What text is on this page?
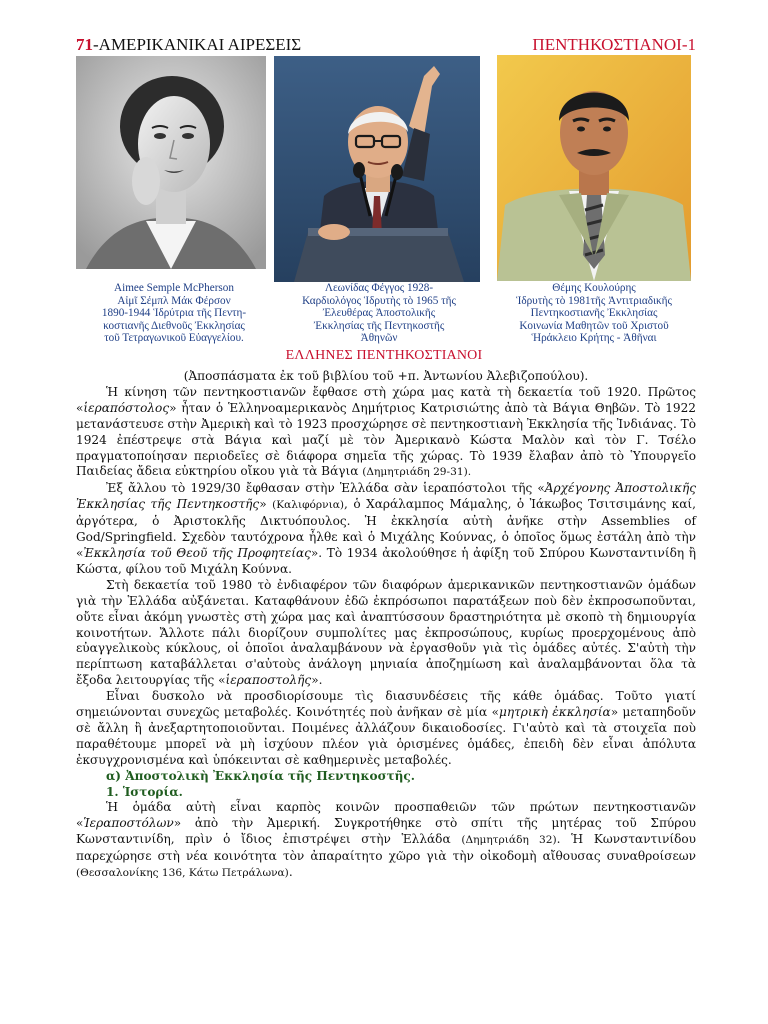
71-ΑΜΕΡΙΚΑΝΙΚΑΙ ΑΙΡΕΣΕΙΣ	ΠΕΝΤΗΚΟΣΤΙΑΝΟΙ-1
Aimee Semple McPherson
Αἰμῖ Σέμπλ Μάκ Φέρσον
1890-1944 Ἱδρύτρια τῆς Πεντη-
κοστιανῆς Διεθνοῦς Ἐκκλησίας
τοῦ Τετραγωνικοῦ Εὐαγγελίου.
Λεωνίδας Φέγγος 1928-
Καρδιολόγος Ἱδρυτὴς τὸ 1965 τῆς
Ἐλευθέρας Ἀποστολικῆς
Ἐκκλησίας τῆς Πεντηκοστῆς
Ἀθηνῶν
Θέμης Κουλούρης
Ἱδρυτὴς τὸ 1981τῆς Ἀντιτριαδικῆς
Πεντηκοστιανῆς Ἐκκλησίας
Κοινωνία Μαθητῶν τοῦ Χριστοῦ
Ἡράκλειο Κρήτης - Ἀθῆναι
ΕΛΛΗΝΕΣ ΠΕΝΤΗΚΟΣΤΙΑΝΟΙ

(Ἀποσπάσματα ἐκ τοῦ βιβλίου τοῦ +π. Ἀντωνίου Ἀλεβιζοπούλου).

Ἡ κίνηση τῶν πεντηκοστιανῶν ἔφθασε στὴ χώρα μας κατὰ τὴ δεκαετία τοῦ 1920. Πρῶτος «ἱεραπόστολος» ἦταν ὁ Ἑλληνοαμερικανὸς Δημήτριος Κατρισιώτης ἀπὸ τὰ Βάγια Θηβῶν. Τὸ 1922 μετανάστευσε στὴν Ἀμερικὴ καὶ τὸ 1923 προσχώρησε σὲ πεντηκοστιανὴ Ἐκκλησία τῆς Ἰνδιάνας. Τὸ 1924 ἐπέστρεψε στὰ Βάγια καὶ μαζί μὲ τὸν Ἀμερικανὸ Κώστα Μαλὸν καὶ τὸν Γ. Τσέλο πραγματοποίησαν περιοδεῖες σὲ διάφορα σημεῖα τῆς χώρας. Τὸ 1939 ἔλαβαν ἀπὸ τὸ Ὑπουργεῖο Παιδείας ἄδεια εὐκτηρίου οἴκου γιὰ τὰ Βάγια (Δημητριάδη 29-31).

Ἐξ ἄλλου τὸ 1929/30 ἔφθασαν στὴν Ἑλλάδα σὰν ἱεραπόστολοι τῆς «Ἀρχέγονης Ἀποστολικῆς Ἐκκλησίας τῆς Πεντηκοστῆς» (Καλιφόρνια), ὁ Χαράλαμπος Μάμαλης, ὁ Ἰάκωβος Τσιτσιμάνης καί, ἀργότερα, ὁ Ἀριστοκλῆς Δικτυόπουλος. Ἡ ἐκκλησία αὐτὴ ἀνῆκε στὴν Assemblies of God/Springfield. Σχεδὸν ταυτόχρονα ἦλθε καὶ ὁ Μιχάλης Κούννας, ὁ ὁποῖος ὅμως ἐστάλη ἀπὸ τὴν «Ἐκκλησία τοῦ Θεοῦ τῆς Προφητείας». Τὸ 1934 ἀκολούθησε ἡ ἀφίξη τοῦ Σπύρου Κωνσταντινίδη ἢ Κώστα, φίλου τοῦ Μιχάλη Κούννα.

Στὴ δεκαετία τοῦ 1980 τὸ ἐνδιαφέρον τῶν διαφόρων ἀμερικανικῶν πεντηκοστιανῶν ὁμάδων γιὰ τὴν Ἑλλάδα αὐξάνεται. Καταφθάνουν ἐδῶ ἐκπρόσωποι παρατάξεων ποὺ δὲν ἐκπροσωποῦνται, οὔτε εἶναι ἀκόμη γνωστὲς στὴ χώρα μας καὶ ἀναπτύσσουν δραστηριότητα μὲ σκοπὸ τὴ δημιουργία κοινοτήτων. Ἄλλοτε πάλι διορίζουν συμπολίτες μας ἐκπροσώπους, κυρίως προερχομένους ἀπὸ εὐαγγελικοὺς κύκλους, οἱ ὁποῖοι ἀναλαμβάνουν νὰ ἐργασθοῦν γιὰ τὶς ὁμάδες αὐτές. Σ'αὐτὴ τὴν περίπτωση καταβάλλεται σ'αὐτοὺς ἀνάλογη μηνιαία ἀποζημίωση καὶ ἀναλαμβάνονται ὅλα τὰ ἔξοδα λειτουργίας τῆς «ἱεραποστολῆς».

Εἶναι δυσκολο νὰ προσδιορίσουμε τὶς διασυνδέσεις τῆς κάθε ὁμάδας. Τοῦτο γιατί σημειώνονται συνεχῶς μεταβολές. Κοινότητές ποὺ ἀνῆκαν σὲ μία «μητρικὴ ἐκκλησία» μεταπηδοῦν σὲ ἄλλη ἢ ἀνεξαρτητοποιοῦνται. Ποιμένες ἀλλάζουν δικαιοδοσίες. Γι'αὐτὸ καὶ τὰ στοιχεῖα ποὺ παραθέτουμε μπορεῖ νὰ μὴ ἰσχύουν πλέον γιὰ ὁρισμένες ὁμάδες, ἐπειδὴ δὲν εἶναι ἀπόλυτα ἐκσυγχρονισμένα καὶ ὑπόκεινται σὲ καθημερινὲς μεταβολές.

α) Ἀποστολικὴ Ἐκκλησία τῆς Πεντηκοστῆς.

1. Ἱστορία.

Ἡ ὁμάδα αὐτὴ εἶναι καρπὸς κοινῶν προσπαθειῶν τῶν πρώτων πεντηκοστιανῶν «Ἱεραποστόλων» ἀπὸ τὴν Ἀμερική. Συγκροτήθηκε στὸ σπίτι τῆς μητέρας τοῦ Σπύρου Κωνσταντινίδη, πρὶν ὁ ἴδιος ἐπιστρέψει στὴν Ἑλλάδα (Δημητριάδη 32). Ἡ Κωνσταντινίδου παρεχώρησε στὴ νέα κοινότητα τὸν ἀπαραίτητο χῶρο γιὰ τὴν οἰκοδομὴ αἴθουσας συναθροίσεων (Θεσσαλονίκης 136, Κάτω Πετράλωνα).
